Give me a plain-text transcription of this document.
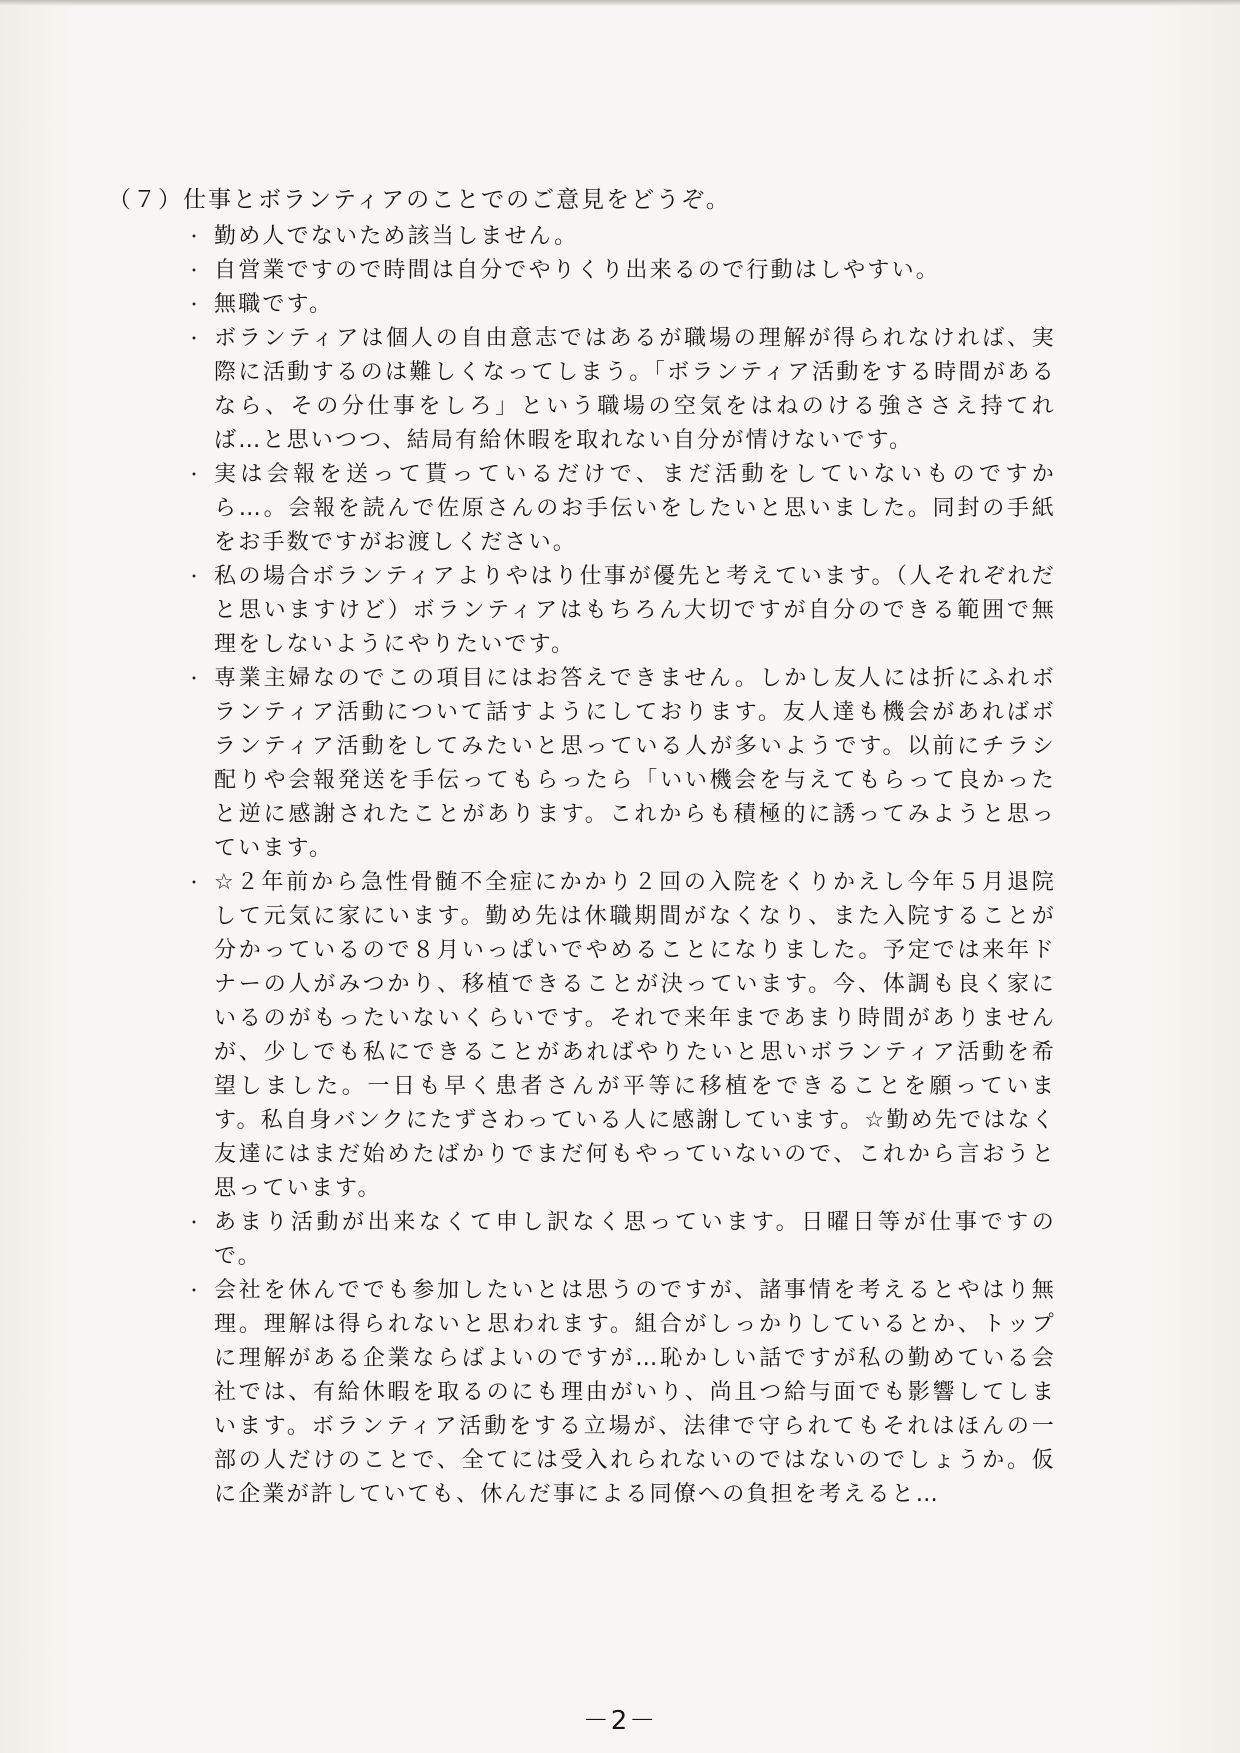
（７）仕事とボランティアのことでのご意見をどうぞ。
・ 勤め人でないため該当しません。
・ 自営業ですので時間は自分でやりくり出来るので行動はしやすい。
・ 無職です。
・ ボランティアは個人の自由意志ではあるが職場の理解が得られなければ、実際に活動するのは難しくなってしまう。「ボランティア活動をする時間があるなら、その分仕事をしろ」という職場の空気をはねのける強ささえ持てれば…と思いつつ、結局有給休暇を取れない自分が情けないです。
・ 実は会報を送って貰っているだけで、まだ活動をしていないものですから…。会報を読んで佐原さんのお手伝いをしたいと思いました。同封の手紙をお手数ですがお渡しください。
・ 私の場合ボランティアよりやはり仕事が優先と考えています。（人それぞれだと思いますけど）ボランティアはもちろん大切ですが自分のできる範囲で無理をしないようにやりたいです。
・ 専業主婦なのでこの項目にはお答えできません。しかし友人には折にふれボランティア活動について話すようにしております。友人達も機会があればボランティア活動をしてみたいと思っている人が多いようです。以前にチラシ配りや会報発送を手伝ってもらったら「いい機会を与えてもらって良かったと逆に感謝されたことがあります。これからも積極的に誘ってみようと思っています。
・ ☆２年前から急性骨髄不全症にかかり２回の入院をくりかえし今年５月退院して元気に家にいます。勤め先は休職期間がなくなり、また入院することが分かっているので８月いっぱいでやめることになりました。予定では来年ドナーの人がみつかり、移植できることが決っています。今、体調も良く家にいるのがもったいないくらいです。それで来年まであまり時間がありませんが、少しでも私にできることがあればやりたいと思いボランティア活動を希望しました。一日も早く患者さんが平等に移植をできることを願っています。私自身バンクにたずさわっている人に感謝しています。☆勤め先ではなく友達にはまだ始めたばかりでまだ何もやっていないので、これから言おうと思っています。
・ あまり活動が出来なくて申し訳なく思っています。日曜日等が仕事ですので。
・ 会社を休んででも参加したいとは思うのですが、諸事情を考えるとやはり無理。理解は得られないと思われます。組合がしっかりしているとか、トップに理解がある企業ならばよいのですが…恥かしい話ですが私の勤めている会社では、有給休暇を取るのにも理由がいり、尚且つ給与面でも影響してしまいます。ボランティア活動をする立場が、法律で守られてもそれはほんの一部の人だけのことで、全てには受入れられないのではないのでしょうか。仮に企業が許していても、休んだ事による同僚への負担を考えると…
－2－
